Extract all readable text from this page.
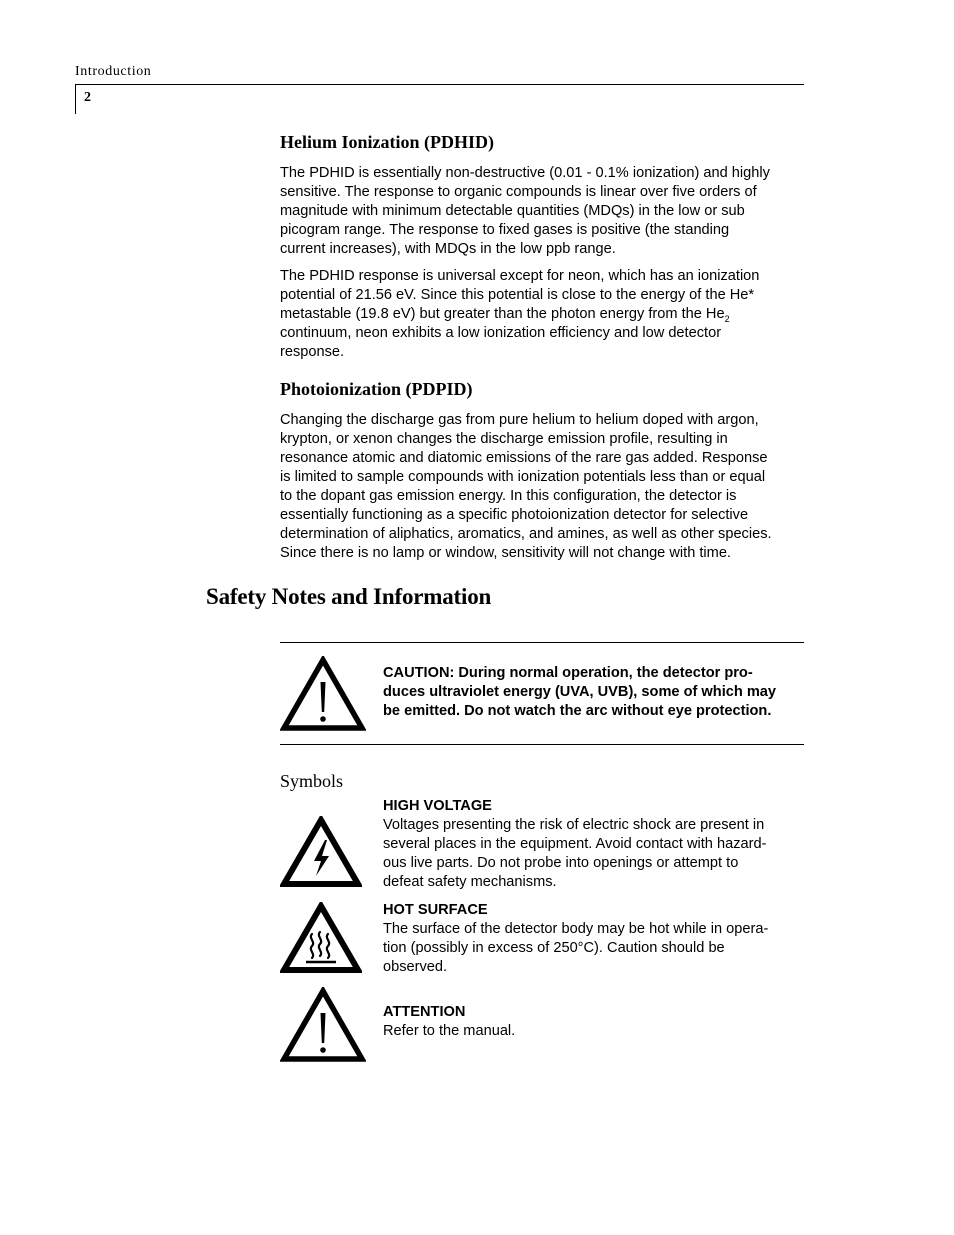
Introduction
2
Helium Ionization (PDHID)

The PDHID is essentially non-destructive (0.01 - 0.1% ionization) and highly
sensitive. The response to organic compounds is linear over five orders of
magnitude with minimum detectable quantities (MDQs) in the low or sub
picogram range. The response to fixed gases is positive (the standing
current increases), with MDQs in the low ppb range.

The PDHID response is universal except for neon, which has an ionization
potential of 21.56 eV. Since this potential is close to the energy of the He*
metastable (19.8 eV) but greater than the photon energy from the $He_2$
continuum, neon exhibits a low ionization efficiency and low detector
response.

Photoionization (PDPID)

Changing the discharge gas from pure helium to helium doped with argon,
krypton, or xenon changes the discharge emission profile, resulting in
resonance atomic and diatomic emissions of the rare gas added. Response
is limited to sample compounds with ionization potentials less than or equal
to the dopant gas emission energy. In this configuration, the detector is
essentially functioning as a specific photoionization detector for selective
determination of aliphatics, aromatics, and amines, as well as other species.
Since there is no lamp or window, sensitivity will not change with time.

Safety Notes and Information

CAUTION: During normal operation, the detector pro-
duces ultraviolet energy (UVA, UVB), some of which may
be emitted. Do not watch the arc without eye protection.

Symbols
HIGH VOLTAGE
Voltages presenting the risk of electric shock are present in
several places in the equipment. Avoid contact with hazard-
ous live parts. Do not probe into openings or attempt to
defeat safety mechanisms.
HOT SURFACE
The surface of the detector body may be hot while in opera-
tion (possibly in excess of 250°C). Caution should be
observed.
ATTENTION
Refer to the manual.
